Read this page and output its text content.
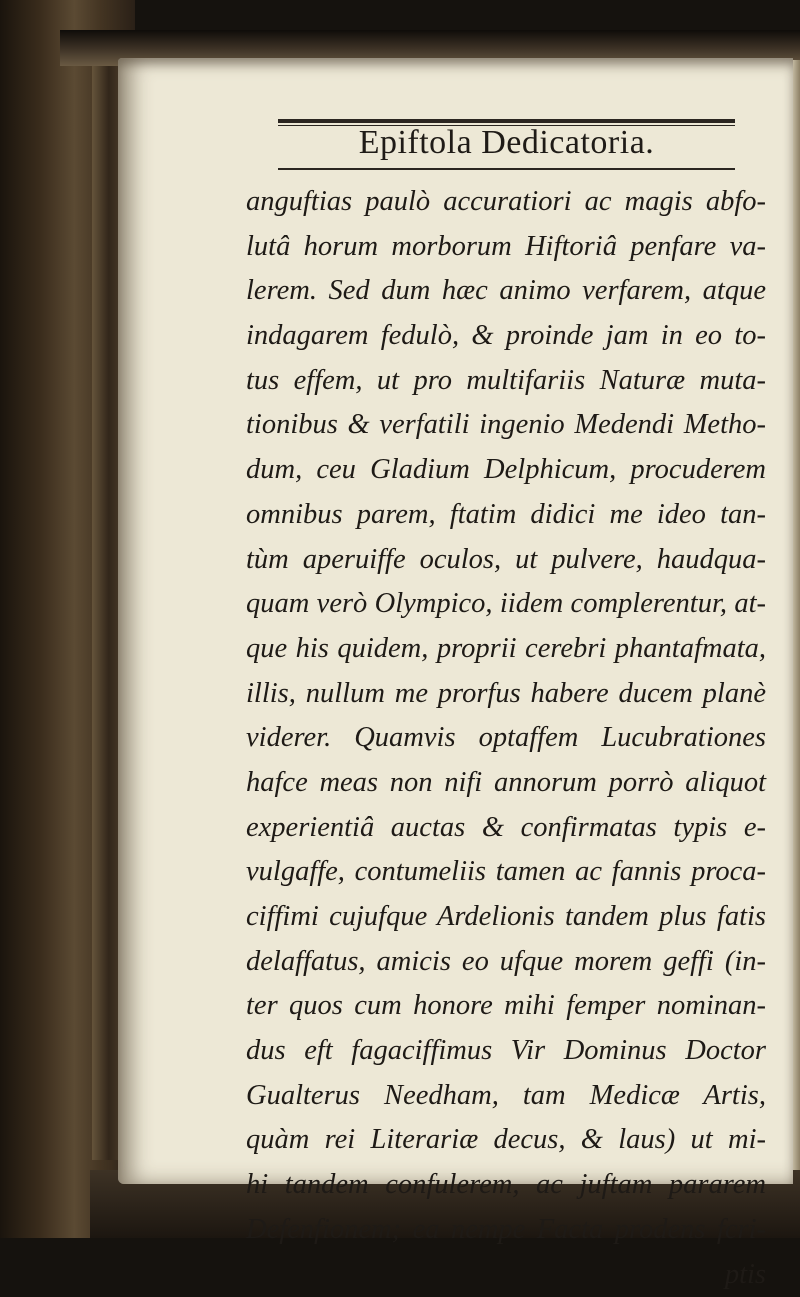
Epiftola Dedicatoria.
anguftias paulò accuratiori ac magis abfo-
lutâ horum morborum Hiftoriâ penfare va-
lerem. Sed dum hæc animo verfarem, atque
indagarem fedulò, & proinde jam in eo to-
tus effem, ut pro multifariis Naturæ muta-
tionibus & verfatili ingenio Medendi Metho-
dum, ceu Gladium Delphicum, procuderem
omnibus parem, ftatim didici me ideo tan-
tùm aperuiffe oculos, ut pulvere, haudqua-
quam verò Olympico, iidem complerentur, at-
que his quidem, proprii cerebri phantafmata,
illis, nullum me prorfus habere ducem planè
viderer. Quamvis optaffem Lucubrationes
hafce meas non nifi annorum porrò aliquot
experientiâ auctas & confirmatas typis e-
vulgaffe, contumeliis tamen ac fannis proca-
ciffimi cujufque Ardelionis tandem plus fatis
delaffatus, amicis eo ufque morem geffi (in-
ter quos cum honore mihi femper nominan-
dus eft fagaciffimus Vir Dominus Doctor
Gualterus Needham, tam Medicæ Artis,
quàm rei Literariæ decus, & laus) ut mi-
hi tandem confulerem, ac juftam pararem
Defenfionem; ea nempe Facta prodens fcri-
ptis
